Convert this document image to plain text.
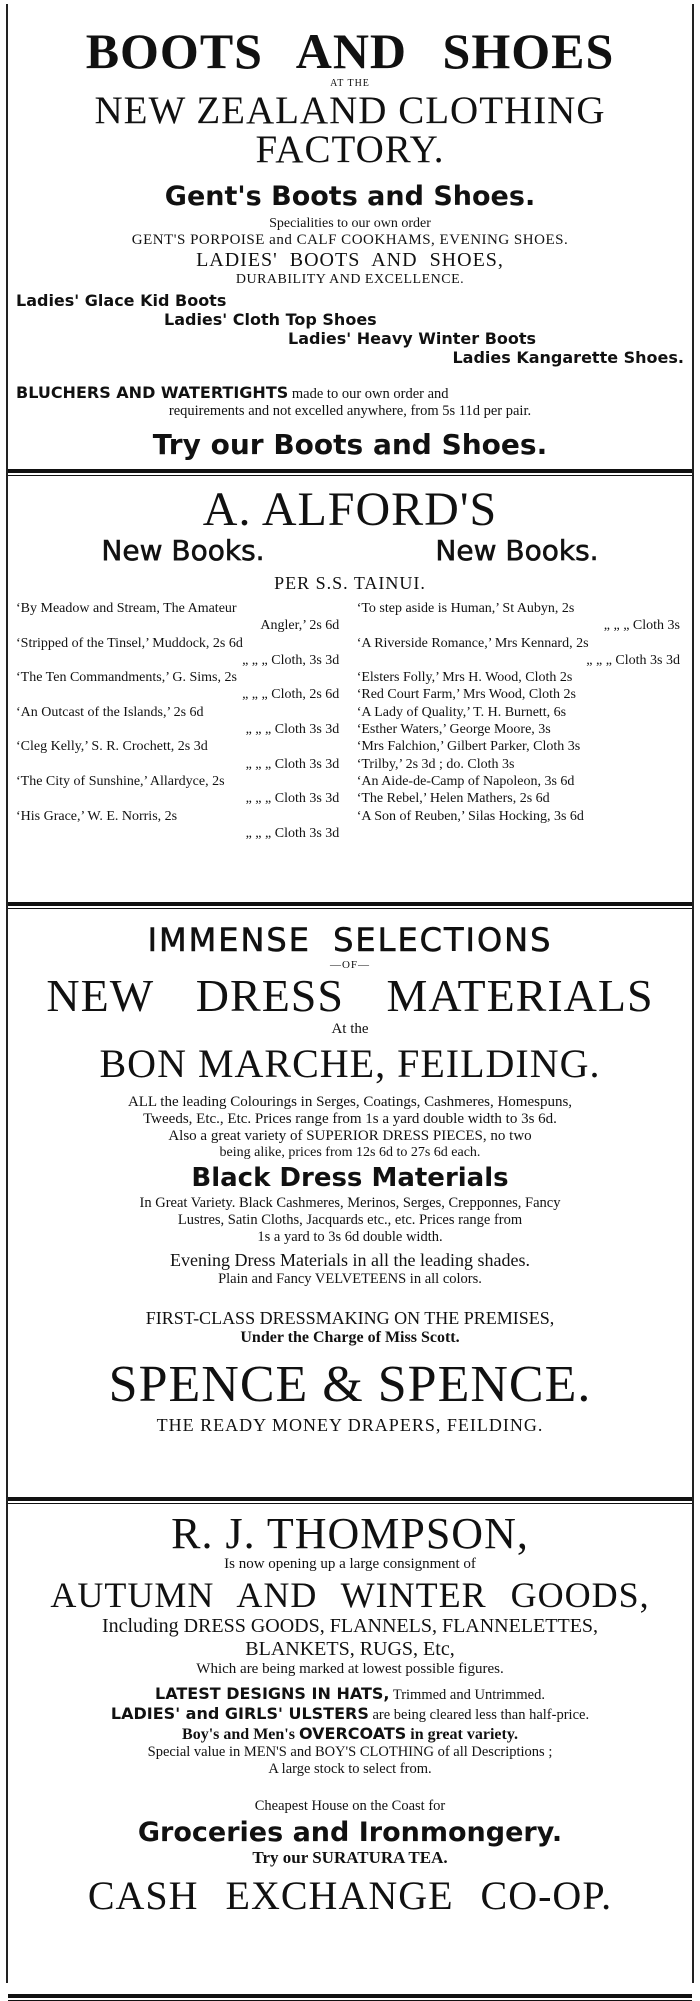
BOOTS AND SHOES
AT THE
NEW ZEALAND CLOTHING FACTORY.
Gent's Boots and Shoes.
Specialities to our own order
GENT'S PORPOISE and CALF COOKHAMS, EVENING SHOES.
LADIES' BOOTS AND SHOES,
DURABILITY AND EXCELLENCE.
Ladies' Glace Kid Boots
Ladies' Cloth Top Shoes
Ladies' Heavy Winter Boots
Ladies Kangarette Shoes.
BLUCHERS AND WATERTIGHTS made to our own order and
requirements and not excelled anywhere, from 5s 11d per pair.
Try our Boots and Shoes.
A. ALFORD'S
New Books.	New Books.
PER S.S. TAINUI.
‘By Meadow and Stream, The Amateur
Angler,’ 2s 6d
‘Stripped of the Tinsel,’ Muddock, 2s 6d
„ „ „ Cloth, 3s 3d
‘The Ten Commandments,’ G. Sims, 2s
„ „ „ Cloth, 2s 6d
‘An Outcast of the Islands,’ 2s 6d
„ „ „ Cloth 3s 3d
‘Cleg Kelly,’ S. R. Crochett, 2s 3d
„ „ „ Cloth 3s 3d
‘The City of Sunshine,’ Allardyce, 2s
„ „ „ Cloth 3s 3d
‘His Grace,’ W. E. Norris, 2s
„ „ „ Cloth 3s 3d
‘To step aside is Human,’ St Aubyn, 2s
„ „ „ Cloth 3s
‘A Riverside Romance,’ Mrs Kennard, 2s
„ „ „ Cloth 3s 3d
‘Elsters Folly,’ Mrs H. Wood, Cloth 2s
‘Red Court Farm,’ Mrs Wood, Cloth 2s
‘A Lady of Quality,’ T. H. Burnett, 6s
‘Esther Waters,’ George Moore, 3s
‘Mrs Falchion,’ Gilbert Parker, Cloth 3s
‘Trilby,’ 2s 3d ; do. Cloth 3s
‘An Aide-de-Camp of Napoleon, 3s 6d
‘The Rebel,’ Helen Mathers, 2s 6d
‘A Son of Reuben,’ Silas Hocking, 3s 6d
IMMENSE SELECTIONS
—OF—
NEW DRESS MATERIALS
At the
BON MARCHE, FEILDING.
ALL the leading Colourings in Serges, Coatings, Cashmeres, Homespuns,
Tweeds, Etc., Etc. Prices range from 1s a yard double width to 3s 6d.
Also a great variety of SUPERIOR DRESS PIECES, no two
being alike, prices from 12s 6d to 27s 6d each.
Black Dress Materials
In Great Variety. Black Cashmeres, Merinos, Serges, Crepponnes, Fancy
Lustres, Satin Cloths, Jacquards etc., etc. Prices range from
1s a yard to 3s 6d double width.
Evening Dress Materials in all the leading shades.
Plain and Fancy VELVETEENS in all colors.
FIRST-CLASS DRESSMAKING ON THE PREMISES,
Under the Charge of Miss Scott.
SPENCE & SPENCE.
THE READY MONEY DRAPERS, FEILDING.
R. J. THOMPSON,
Is now opening up a large consignment of
AUTUMN AND WINTER GOODS,
Including DRESS GOODS, FLANNELS, FLANNELETTES,
BLANKETS, RUGS, Etc,
Which are being marked at lowest possible figures.
LATEST DESIGNS IN HATS, Trimmed and Untrimmed.
LADIES' and GIRLS' ULSTERS are being cleared less than half-price.
Boy's and Men's OVERCOATS in great variety.
Special value in MEN'S and BOY'S CLOTHING of all Descriptions ;
A large stock to select from.
Cheapest House on the Coast for
Groceries and Ironmongery.
Try our SURATURA TEA.
CASH EXCHANGE CO-OP.
